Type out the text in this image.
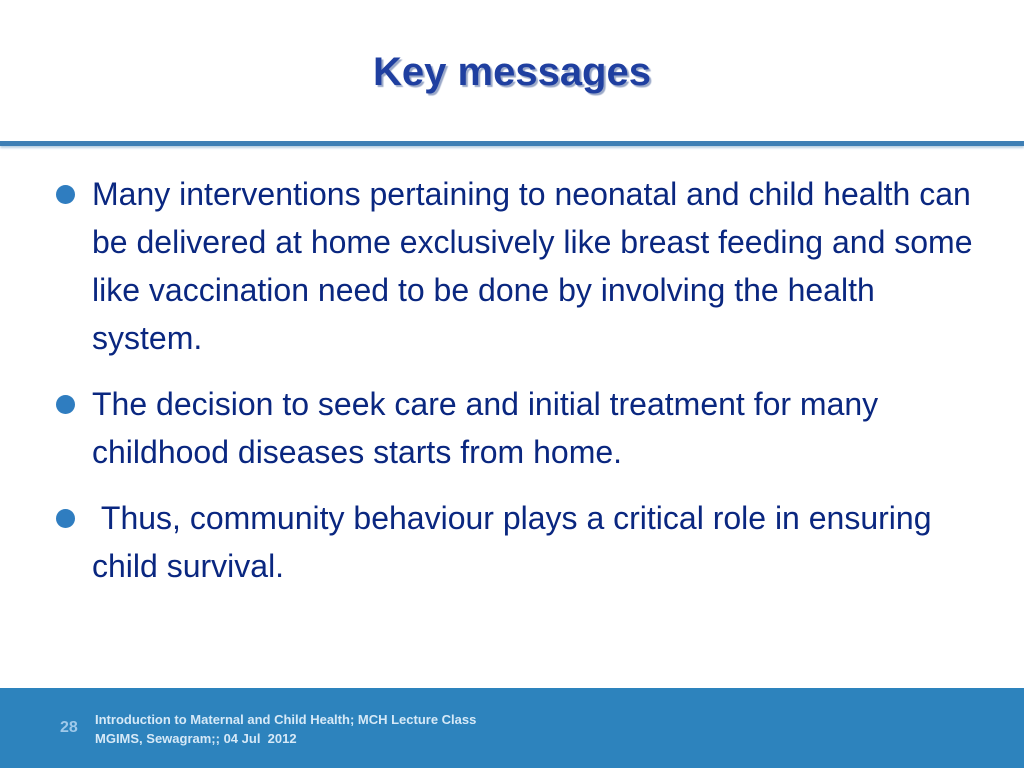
Key messages
Many interventions pertaining to neonatal and child health can be delivered at home exclusively like breast feeding and some like vaccination need to be done by involving the health system.
The decision to seek care and initial treatment for many childhood diseases starts from home.
Thus, community behaviour plays a critical role in ensuring child survival.
28 Introduction to Maternal and Child Health; MCH Lecture Class
MGIMS, Sewagram;; 04 Jul  2012
